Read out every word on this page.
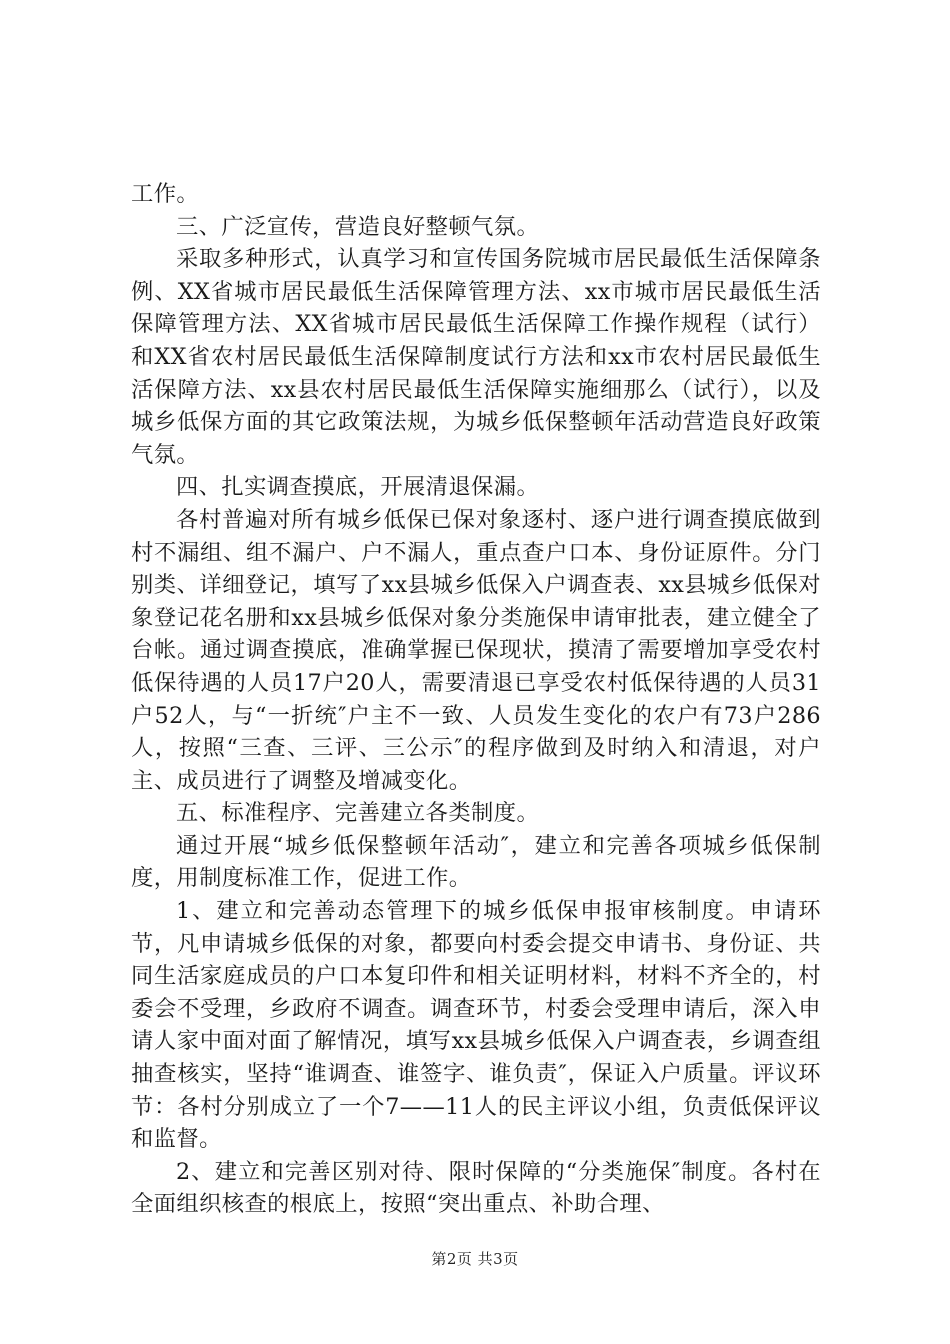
工作。

三、广泛宣传，营造良好整顿气氛。

采取多种形式，认真学习和宣传国务院城市居民最低生活保障条例、XX省城市居民最低生活保障管理方法、xx市城市居民最低生活保障管理方法、XX省城市居民最低生活保障工作操作规程（试行）和XX省农村居民最低生活保障制度试行方法和xx市农村居民最低生活保障方法、xx县农村居民最低生活保障实施细那么（试行），以及城乡低保方面的其它政策法规，为城乡低保整顿年活动营造良好政策气氛。

四、扎实调查摸底，开展清退保漏。

各村普遍对所有城乡低保已保对象逐村、逐户进行调查摸底做到村不漏组、组不漏户、户不漏人，重点查户口本、身份证原件。分门别类、详细登记，填写了xx县城乡低保入户调查表、xx县城乡低保对象登记花名册和xx县城乡低保对象分类施保申请审批表，建立健全了台帐。通过调查摸底，准确掌握已保现状，摸清了需要增加享受农村低保待遇的人员17户20人，需要清退已享受农村低保待遇的人员31户52人，与“一折统″户主不一致、人员发生变化的农户有73户286人，按照“三查、三评、三公示″的程序做到及时纳入和清退，对户主、成员进行了调整及增减变化。

五、标准程序、完善建立各类制度。

通过开展“城乡低保整顿年活动″，建立和完善各项城乡低保制度，用制度标准工作，促进工作。

1、建立和完善动态管理下的城乡低保申报审核制度。申请环节，凡申请城乡低保的对象，都要向村委会提交申请书、身份证、共同生活家庭成员的户口本复印件和相关证明材料，材料不齐全的，村委会不受理，乡政府不调查。调查环节，村委会受理申请后，深入申请人家中面对面了解情况，填写xx县城乡低保入户调查表，乡调查组抽查核实，坚持“谁调查、谁签字、谁负责″，保证入户质量。评议环节：各村分别成立了一个7——11人的民主评议小组，负责低保评议和监督。

2、建立和完善区别对待、限时保障的“分类施保″制度。各村在全面组织核查的根底上，按照“突出重点、补助合理、

第2页 共3页
